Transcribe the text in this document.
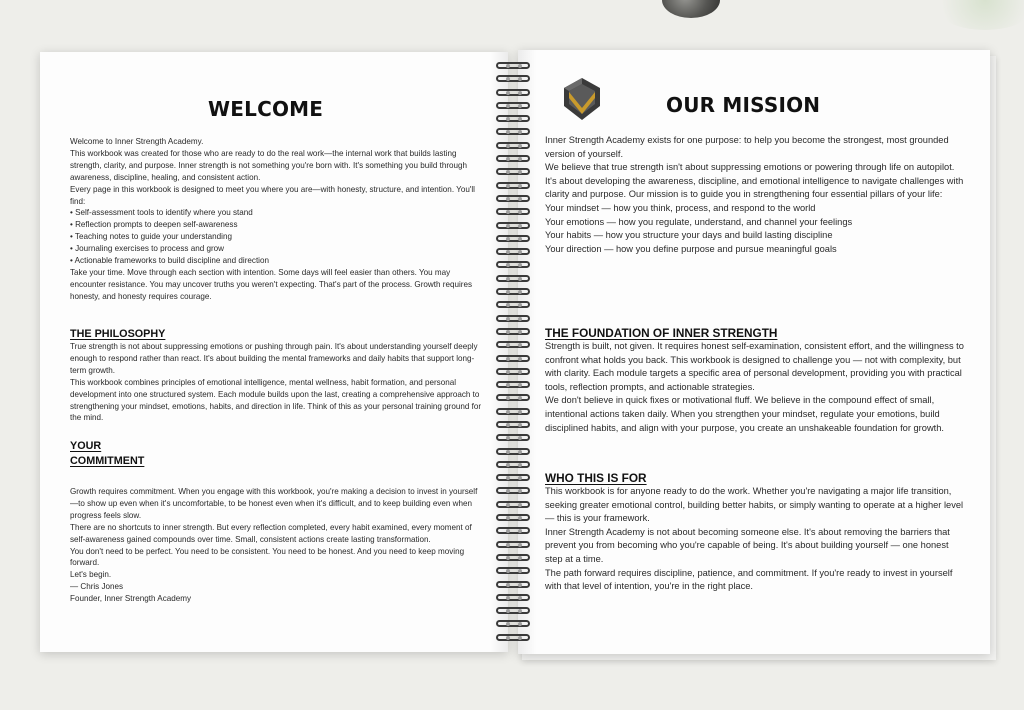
WELCOME

Welcome to Inner Strength Academy.

This workbook was created for those who are ready to do the real work—the internal work that builds lasting strength, clarity, and purpose. Inner strength is not something you're born with. It's something you build through awareness, discipline, healing, and consistent action.

Every page in this workbook is designed to meet you where you are—with honesty, structure, and intention. You'll find:

• Self-assessment tools to identify where you stand

• Reflection prompts to deepen self-awareness

• Teaching notes to guide your understanding

• Journaling exercises to process and grow

• Actionable frameworks to build discipline and direction

Take your time. Move through each section with intention. Some days will feel easier than others. You may encounter resistance. You may uncover truths you weren't expecting. That's part of the process. Growth requires honesty, and honesty requires courage.

THE PHILOSOPHY

True strength is not about suppressing emotions or pushing through pain. It's about understanding yourself deeply enough to respond rather than react. It's about building the mental frameworks and daily habits that support long-term growth.

This workbook combines principles of emotional intelligence, mental wellness, habit formation, and personal development into one structured system. Each module builds upon the last, creating a comprehensive approach to strengthening your mindset, emotions, habits, and direction in life. Think of this as your personal training ground for the mind.

YOUR
COMMITMENT

Growth requires commitment. When you engage with this workbook, you're making a decision to invest in yourself—to show up even when it's uncomfortable, to be honest even when it's difficult, and to keep building even when progress feels slow.

There are no shortcuts to inner strength. But every reflection completed, every habit examined, every moment of self-awareness gained compounds over time. Small, consistent actions create lasting transformation.

You don't need to be perfect. You need to be consistent. You need to be honest. And you need to keep moving forward.

Let's begin.

— Chris Jones

Founder, Inner Strength Academy

OUR MISSION

Inner Strength Academy exists for one purpose: to help you become the strongest, most grounded version of yourself.

We believe that true strength isn't about suppressing emotions or powering through life on autopilot. It's about developing the awareness, discipline, and emotional intelligence to navigate challenges with clarity and purpose. Our mission is to guide you in strengthening four essential pillars of your life:

Your mindset — how you think, process, and respond to the world

Your emotions — how you regulate, understand, and channel your feelings

Your habits — how you structure your days and build lasting discipline

Your direction — how you define purpose and pursue meaningful goals

THE FOUNDATION OF INNER STRENGTH

Strength is built, not given. It requires honest self-examination, consistent effort, and the willingness to confront what holds you back. This workbook is designed to challenge you — not with complexity, but with clarity. Each module targets a specific area of personal development, providing you with practical tools, reflection prompts, and actionable strategies.

We don't believe in quick fixes or motivational fluff. We believe in the compound effect of small, intentional actions taken daily. When you strengthen your mindset, regulate your emotions, build disciplined habits, and align with your purpose, you create an unshakeable foundation for growth.

WHO THIS IS FOR

This workbook is for anyone ready to do the work. Whether you're navigating a major life transition, seeking greater emotional control, building better habits, or simply wanting to operate at a higher level — this is your framework.

Inner Strength Academy is not about becoming someone else. It's about removing the barriers that prevent you from becoming who you're capable of being. It's about building yourself — one honest step at a time.

The path forward requires discipline, patience, and commitment. If you're ready to invest in yourself with that level of intention, you're in the right place.
